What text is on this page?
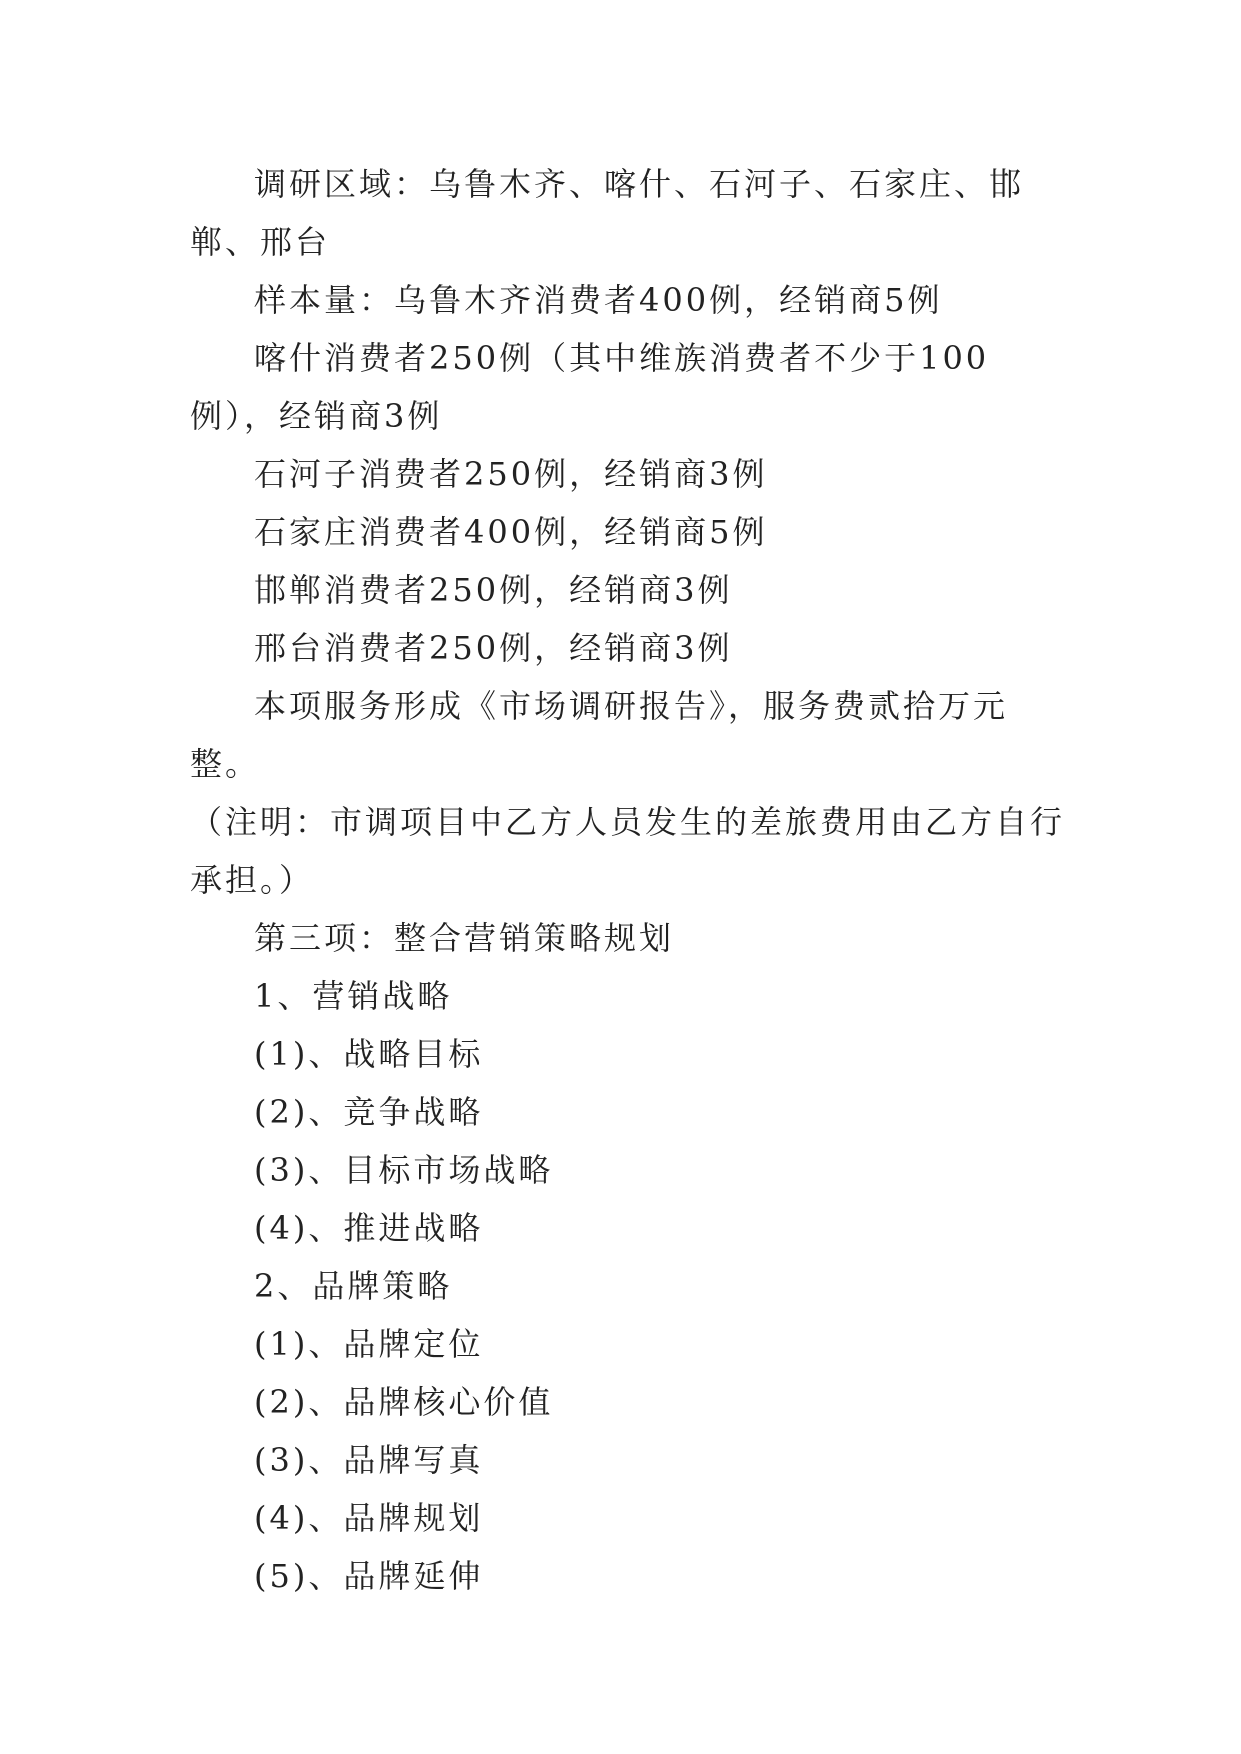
调研区域：乌鲁木齐、喀什、石河子、石家庄、邯郸、邢台

样本量：乌鲁木齐消费者400例，经销商5例

喀什消费者250例（其中维族消费者不少于100例），经销商3例

石河子消费者250例，经销商3例

石家庄消费者400例，经销商5例

邯郸消费者250例，经销商3例

邢台消费者250例，经销商3例

本项服务形成《市场调研报告》，服务费贰拾万元整。

（注明：市调项目中乙方人员发生的差旅费用由乙方自行承担。）

第三项：整合营销策略规划

1、营销战略

(1)、战略目标

(2)、竞争战略

(3)、目标市场战略

(4)、推进战略

2、品牌策略

(1)、品牌定位

(2)、品牌核心价值

(3)、品牌写真

(4)、品牌规划

(5)、品牌延伸
